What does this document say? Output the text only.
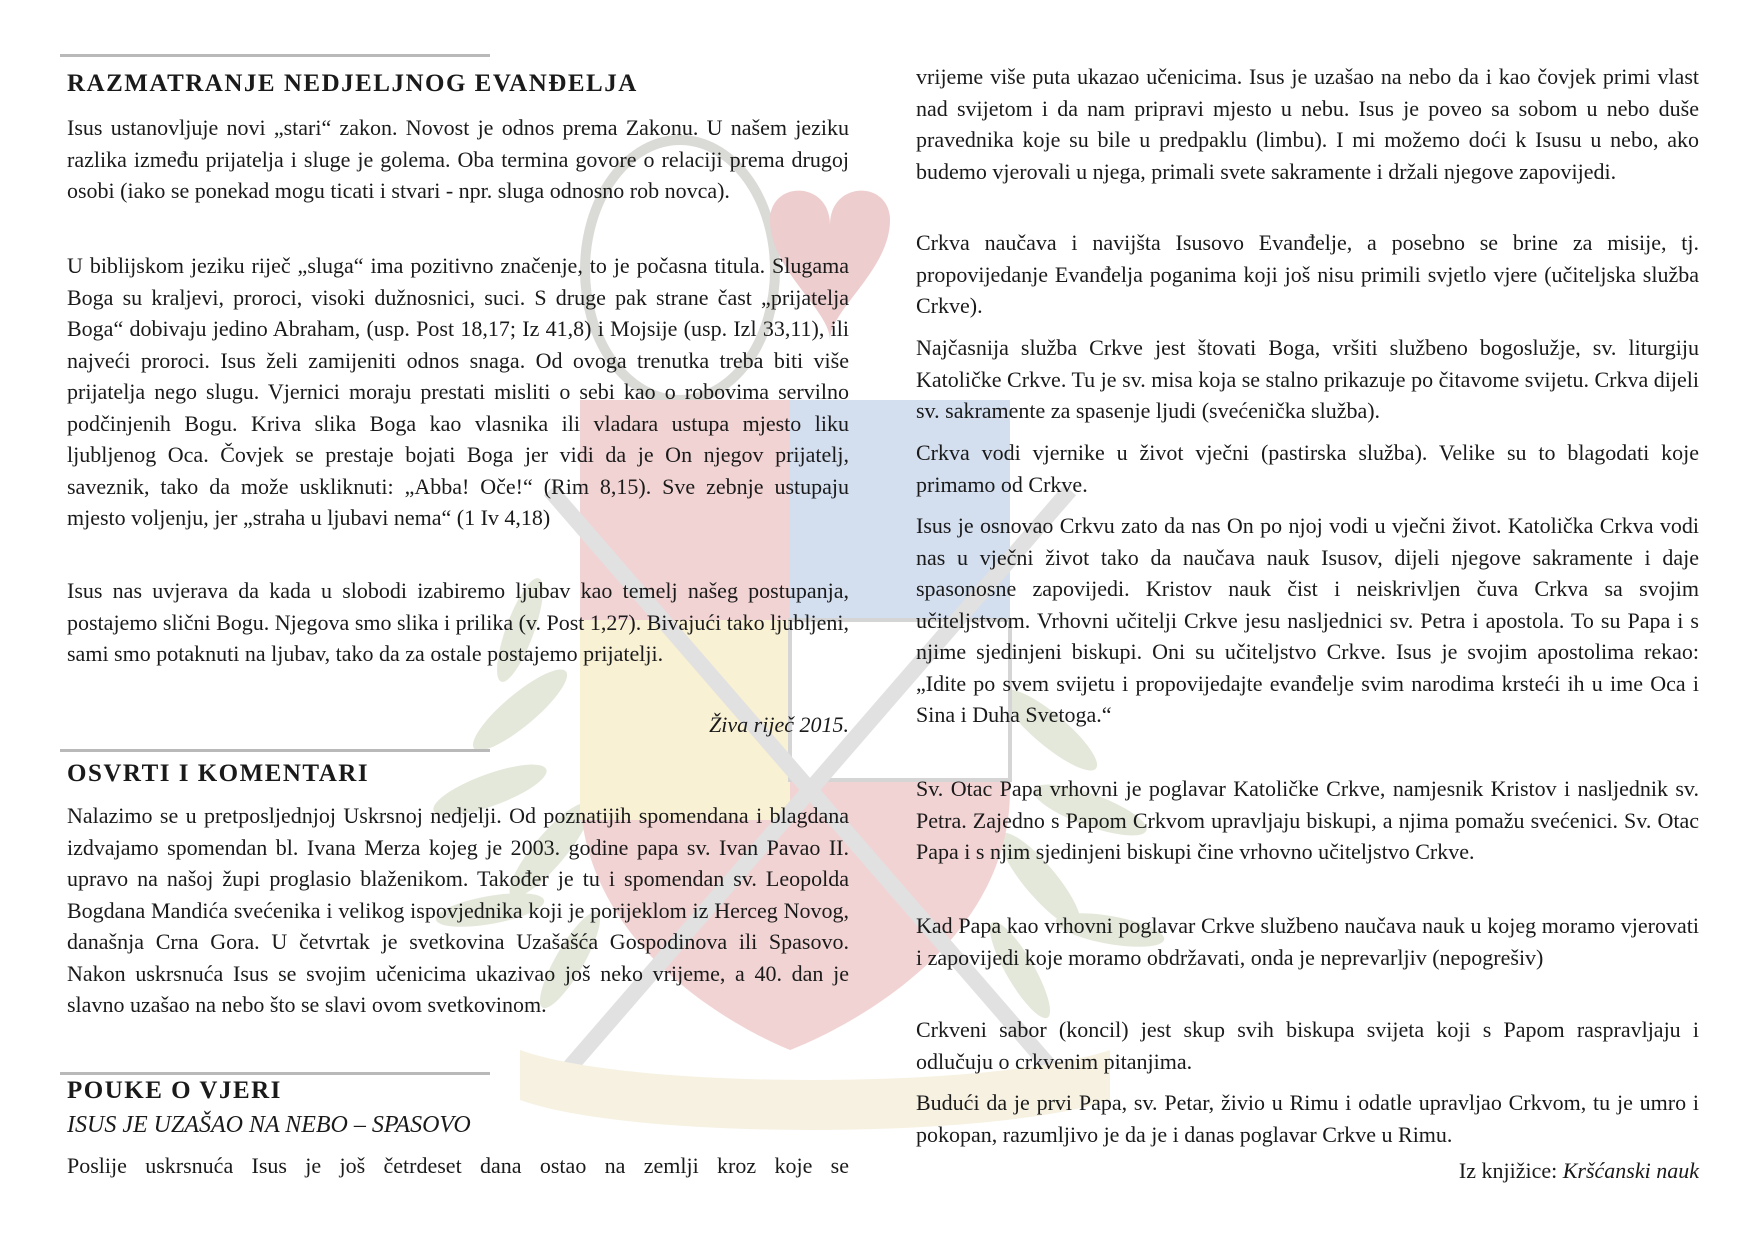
RAZMATRANJE NEDJELJNOG EVANĐELJA
Isus ustanovljuje novi „stari“ zakon. Novost je odnos prema Zakonu. U našem jeziku razlika između prijatelja i sluge je golema. Oba termina govore o relaciji prema drugoj osobi (iako se ponekad mogu ticati i stvari - npr. sluga odnosno rob novca).
U biblijskom jeziku riječ „sluga“ ima pozitivno značenje, to je počasna titula. Slugama Boga su kraljevi, proroci, visoki dužnosnici, suci. S druge pak strane čast „prijatelja Boga“ dobivaju jedino Abraham, (usp. Post 18,17; Iz 41,8) i Mojsije (usp. Izl 33,11), ili najveći proroci. Isus želi zamijeniti odnos snaga. Od ovoga trenutka treba biti više prijatelja nego slugu. Vjernici moraju prestati misliti o sebi kao o robovima servilno podčinjenih Bogu. Kriva slika Boga kao vlasnika ili vladara ustupa mjesto liku ljubljenog Oca. Čovjek se prestaje bojati Boga jer vidi da je On njegov prijatelj, saveznik, tako da može uskliknuti: „Abba! Oče!“ (Rim 8,15). Sve zebnje ustupaju mjesto voljenju, jer „straha u ljubavi nema“ (1 Iv 4,18)
Isus nas uvjerava da kada u slobodi izabiremo ljubav kao temelj našeg postupanja, postajemo slični Bogu. Njegova smo slika i prilika (v. Post 1,27). Bivajući tako ljubljeni, sami smo potaknuti na ljubav, tako da za ostale postajemo prijatelji.
Živa riječ 2015.
OSVRTI I KOMENTARI
Nalazimo se u pretposljednjoj Uskrsnoj nedjelji. Od poznatijih spomendana i blagdana izdvajamo spomendan bl. Ivana Merza kojeg je 2003. godine papa sv. Ivan Pavao II. upravo na našoj župi proglasio blaženikom. Također je tu i spomendan sv. Leopolda Bogdana Mandića svećenika i velikog ispovjednika koji je porijeklom iz Herceg Novog, današnja Crna Gora. U četvrtak je svetkovina Uzašašća Gospodinova ili Spasovo. Nakon uskrsnuća Isus se svojim učenicima ukazivao još neko vrijeme, a 40. dan je slavno uzašao na nebo što se slavi ovom svetkovinom.
POUKE O VJERI
ISUS JE UZAŠAO NA NEBO – SPASOVO
Poslije uskrsnuća Isus je još četrdeset dana ostao na zemlji kroz koje se
vrijeme više puta ukazao učenicima. Isus je uzašao na nebo da i kao čovjek primi vlast nad svijetom i da nam pripravi mjesto u nebu. Isus je poveo sa sobom u nebo duše pravednika koje su bile u predpaklu (limbu). I mi možemo doći k Isusu u nebo, ako budemo vjerovali u njega, primali svete sakramente i držali njegove zapovijedi.
Crkva naučava i navijšta Isusovo Evanđelje, a posebno se brine za misije, tj. propovijedanje Evanđelja poganima koji još nisu primili svjetlo vjere (učiteljska služba Crkve).
Najčasnija služba Crkve jest štovati Boga, vršiti službeno bogoslužje, sv. liturgiju Katoličke Crkve. Tu je sv. misa koja se stalno prikazuje po čitavome svijetu. Crkva dijeli sv. sakramente za spasenje ljudi (svećenička služba).
Crkva vodi vjernike u život vječni (pastirska služba). Velike su to blagodati koje primamo od Crkve.
Isus je osnovao Crkvu zato da nas On po njoj vodi u vječni život. Katolička Crkva vodi nas u vječni život tako da naučava nauk Isusov, dijeli njegove sakramente i daje spasonosne zapovijedi. Kristov nauk čist i neiskrivljen čuva Crkva sa svojim učiteljstvom. Vrhovni učitelji Crkve jesu nasljednici sv. Petra i apostola. To su Papa i s njime sjedinjeni biskupi. Oni su učiteljstvo Crkve. Isus je svojim apostolima rekao: „Idite po svem svijetu i propovijedajte evanđelje svim narodima krsteći ih u ime Oca i Sina i Duha Svetoga.“
Sv. Otac Papa vrhovni je poglavar Katoličke Crkve, namjesnik Kristov i nasljednik sv. Petra. Zajedno s Papom Crkvom upravljaju biskupi, a njima pomažu svećenici. Sv. Otac Papa i s njim sjedinjeni biskupi čine vrhovno učiteljstvo Crkve.
Kad Papa kao vrhovni poglavar Crkve službeno naučava nauk u kojeg moramo vjerovati i zapovijedi koje moramo obdržavati, onda je neprevarljiv (nepogrešiv)
Crkveni sabor (koncil) jest skup svih biskupa svijeta koji s Papom raspravljaju i odlučuju o crkvenim pitanjima.
Budući da je prvi Papa, sv. Petar, živio u Rimu i odatle upravljao Crkvom, tu je umro i pokopan, razumljivo je da je i danas poglavar Crkve u Rimu.
Iz knjižice: Kršćanski nauk
